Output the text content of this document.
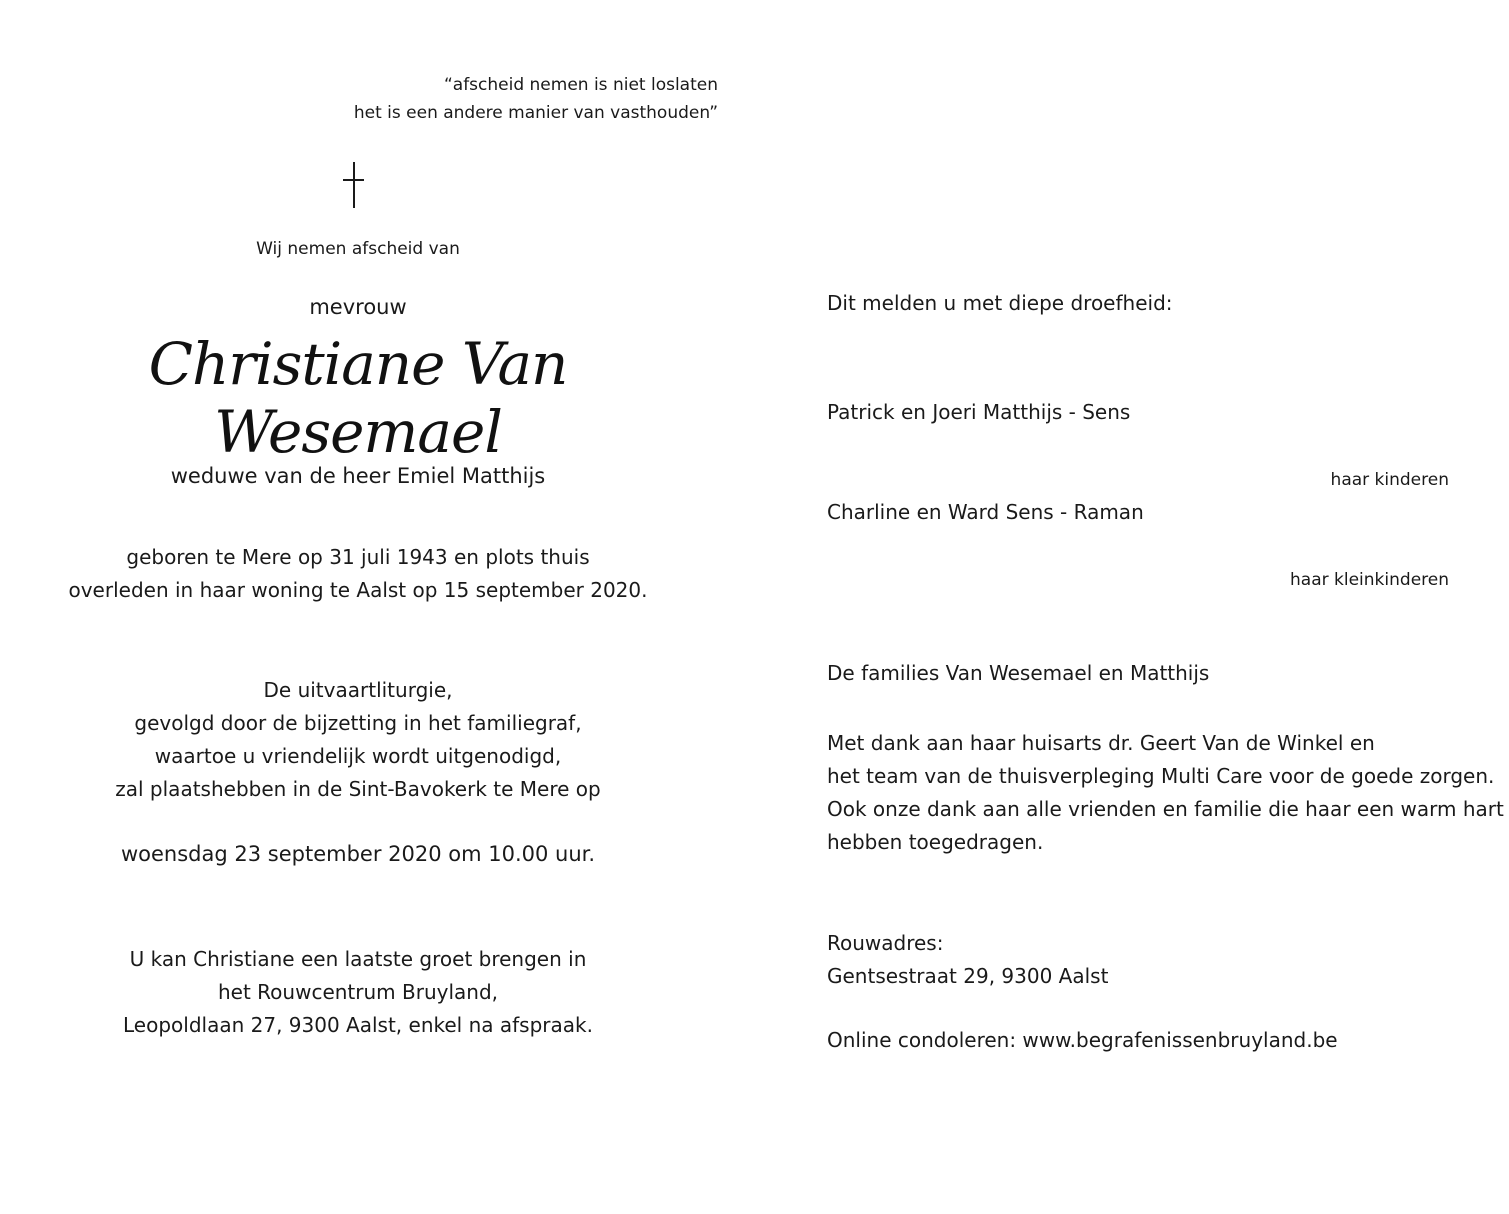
“afscheid nemen is niet loslaten
het is een andere manier van vasthouden”
Wij nemen afscheid van
mevrouw
Christiane Van Wesemael
weduwe van de heer Emiel Matthijs
geboren te Mere op 31 juli 1943 en plots thuis
overleden in haar woning te Aalst op 15 september 2020.
De uitvaartliturgie,
gevolgd door de bijzetting in het familiegraf,
waartoe u vriendelijk wordt uitgenodigd,
zal plaatshebben in de Sint-Bavokerk te Mere op
woensdag 23 september 2020 om 10.00 uur.
U kan Christiane een laatste groet brengen in
het Rouwcentrum Bruyland,
Leopoldlaan 27, 9300 Aalst, enkel na afspraak.
Dit melden u met diepe droefheid:
Patrick en Joeri Matthijs - Sens
haar kinderen
Charline en Ward Sens - Raman
haar kleinkinderen
De families Van Wesemael en Matthijs
Met dank aan haar huisarts dr. Geert Van de Winkel en
het team van de thuisverpleging Multi Care voor de goede zorgen.
Ook onze dank aan alle vrienden en familie die haar een warm hart
hebben toegedragen.
Rouwadres:
Gentsestraat 29, 9300 Aalst
Online condoleren: www.begrafenissenbruyland.be
